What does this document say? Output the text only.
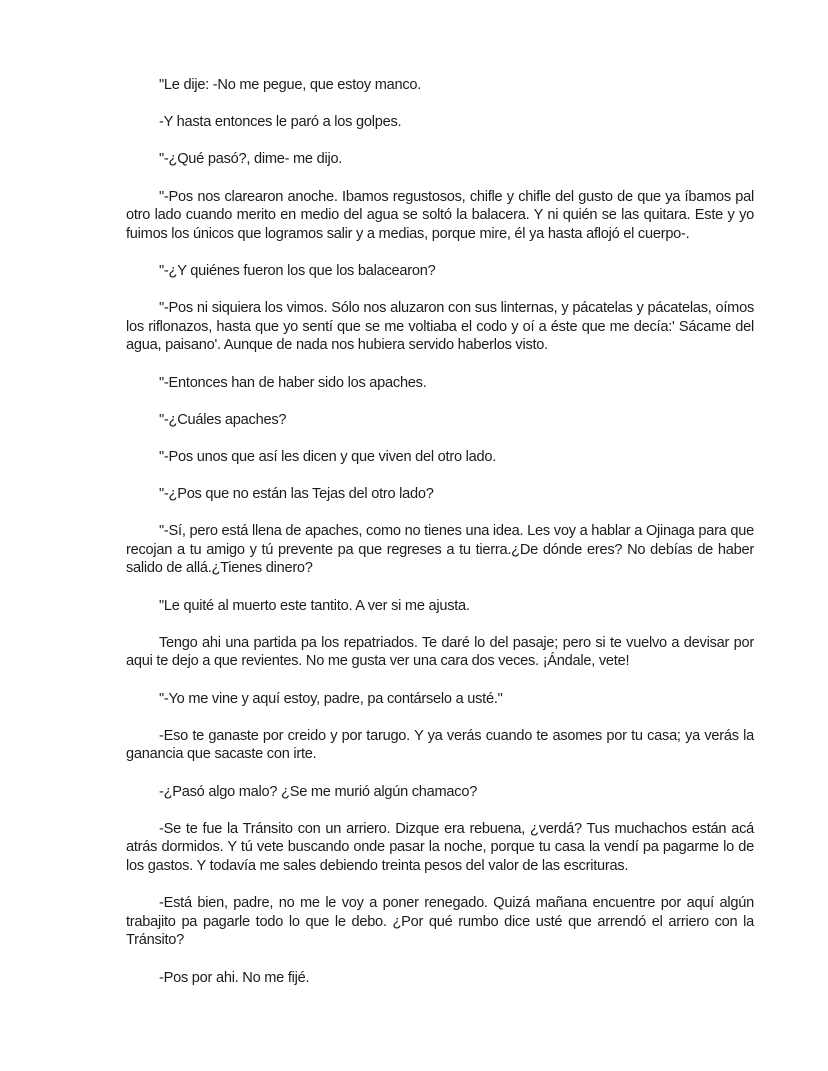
"Le dije: -No me pegue, que estoy manco.

-Y hasta entonces le paró a los golpes.

"-¿Qué pasó?, dime- me dijo.

"-Pos nos clarearon anoche. Ibamos regustosos, chifle y chifle del gusto de que ya íbamos pal otro lado cuando merito en medio del agua se soltó la balacera. Y ni quién se las quitara. Este y yo fuimos los únicos que logramos salir y a medias, porque mire, él ya hasta aflojó el cuerpo-.

"-¿Y quiénes fueron los que los balacearon?

"-Pos ni siquiera los vimos. Sólo nos aluzaron con sus linternas, y pácatelas y pácatelas, oímos los riflonazos, hasta que yo sentí que se me voltiaba el codo y oí a éste que me decía:' Sácame del agua, paisano'. Aunque de nada nos hubiera servido haberlos visto.

"-Entonces han de haber sido los apaches.

"-¿Cuáles apaches?

"-Pos unos que así les dicen y que viven del otro lado.

"-¿Pos que no están las Tejas del otro lado?

"-Sí, pero está llena de apaches, como no tienes una idea. Les voy a hablar a Ojinaga para que recojan a tu amigo y tú prevente pa que regreses a tu tierra.¿De dónde eres? No debías de haber salido de allá.¿Tienes dinero?

"Le quité al muerto este tantito. A ver si me ajusta.

Tengo ahi una partida pa los repatriados. Te daré lo del pasaje; pero si te vuelvo a devisar por aqui te dejo a que revientes. No me gusta ver una cara dos veces. ¡Ándale, vete!

"-Yo me vine y aquí estoy, padre, pa contárselo a usté."

-Eso te ganaste por creido y por tarugo. Y ya verás cuando te asomes por tu casa; ya verás la ganancia que sacaste con irte.

-¿Pasó algo malo? ¿Se me murió algún chamaco?

-Se te fue la Tránsito con un arriero. Dizque era rebuena, ¿verdá? Tus muchachos están acá atrás dormidos. Y tú vete buscando onde pasar la noche, porque tu casa la vendí pa pagarme lo de los gastos. Y todavía me sales debiendo treinta pesos del valor de las escrituras.

-Está bien, padre, no me le voy a poner renegado. Quizá mañana encuentre por aquí algún trabajito pa pagarle todo lo que le debo. ¿Por qué rumbo dice usté que arrendó el arriero con la Tránsito?

-Pos por ahi. No me fijé.
